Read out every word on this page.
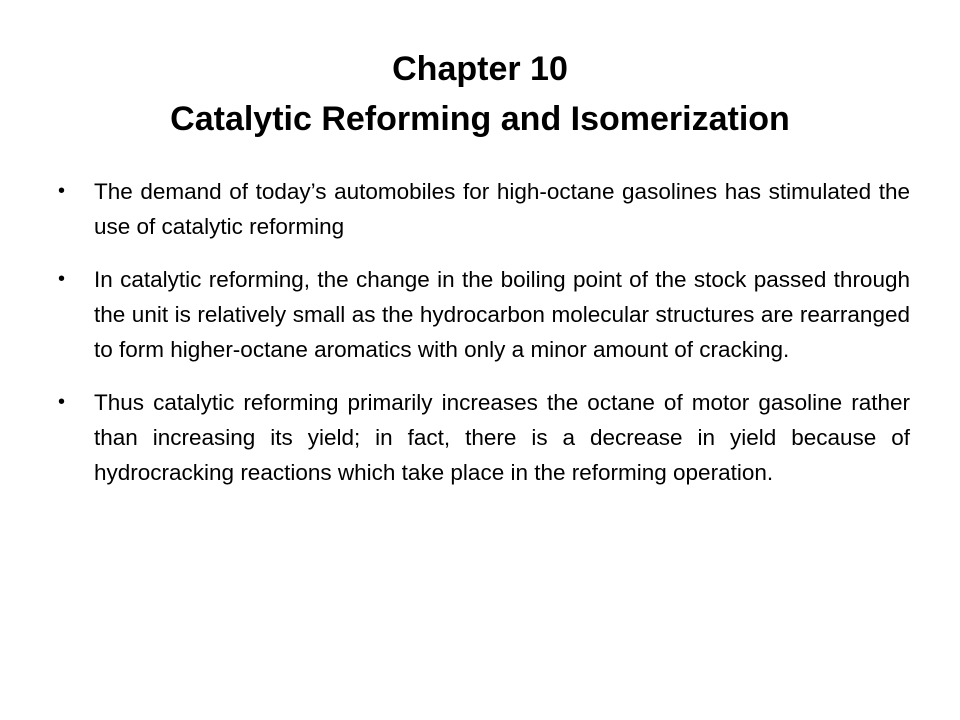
Chapter 10
Catalytic Reforming and Isomerization
•	The demand of today’s automobiles for high-octane gasolines has stimulated the use of catalytic reforming
•	In catalytic reforming, the change in the boiling point of the stock passed through the unit is relatively small as the hydrocarbon molecular structures are rearranged to form higher-octane aromatics with only a minor amount of cracking.
•	Thus catalytic reforming primarily increases the octane of motor gasoline rather than increasing its yield; in fact, there is a decrease in yield because of hydrocracking reactions which take place in the reforming operation.
